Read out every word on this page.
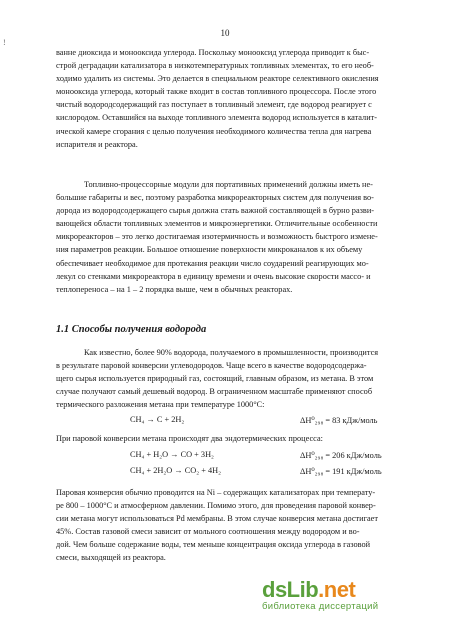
10
!
ванне диоксида и монооксида углерода. Поскольку монооксид углерода приводит к быс-
строй деградации катализатора в низкотемпературных топливных элементах, то его необ-
ходимо удалить из системы. Это делается в специальном реакторе селективного окисления
монооксида углерода, который также входит в состав топливного процессора. После этого
чистый водородсодержащий газ поступает в топливный элемент, где водород реагирует с
кислородом. Оставшийся на выходе топливного элемента водород используется в каталит-
ической камере сгорания с целью получения необходимого количества тепла для нагрева
испарителя и реактора.
Топливно-процессорные модули для портативных применений должны иметь не-
большие габариты и вес, поэтому разработка микрореакторных систем для получения во-
дорода из водородсодержащего сырья должна стать важной составляющей в бурно разви-
вающейся области топливных элементов и микроэнергетики. Отличительные особенности
микрореакторов – это легко достигаемая изотермичность и возможность быстрого измене-
ния параметров реакции. Большое отношение поверхности микроканалов к их объему
обеспечивает необходимое для протекания реакции число соударений реагирующих мо-
лекул со стенками микрореактора в единицу времени и очень высокие скорости массо- и
теплопереноса – на 1 – 2 порядка выше, чем в обычных реакторах.
1.1 Способы получения водорода
Как известно, более 90% водорода, получаемого в промышленности, производится
в результате паровой конверсии углеводородов. Чаще всего в качестве водородсодержа-
щего сырья используется природный газ, состоящий, главным образом, из метана. В этом
случае получают самый дешевый водород. В ограниченном масштабе применяют способ
термического разложения метана при температуре 1000°С:
CH₄ → C + 2H₂	ΔH⁰₂₉₈ = 83 кДж/моль
При паровой конверсии метана происходят два эндотермических процесса:
CH₄ + H₂O → CO + 3H₂	ΔH⁰₂₉₈ = 206 кДж/моль
CH₄ + 2H₂O → CO₂ + 4H₂	ΔH⁰₂₉₈ = 191 кДж/моль
Паровая конверсия обычно проводится на Ni – содержащих катализаторах при температу-
ре 800 – 1000°С и атмосферном давлении. Помимо этого, для проведения паровой конвер-
сии метана могут использоваться Pd мембраны. В этом случае конверсия метана достигает
45%. Состав газовой смеси зависит от мольного соотношения между водородом и во-
дой. Чем больше содержание воды, тем меньше концентрация оксида углерода в газовой
смеси, выходящей из реактора.
dsLib.net
библиотека диссертаций
